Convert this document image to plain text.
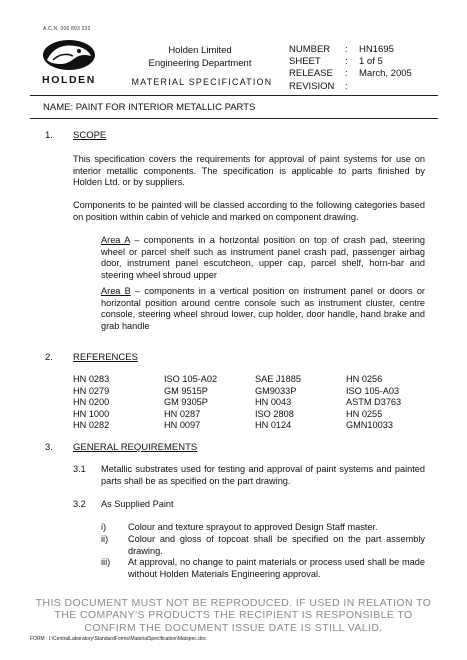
A.C.N. 006 893 232
HOLDEN
Holden Limited
Engineering Department
MATERIAL SPECIFICATION
NUMBER	:	HN1695
SHEET	:	1 of 5
RELEASE	:	March, 2005
REVISION	:
NAME: PAINT FOR INTERIOR METALLIC PARTS
1. SCOPE
This specification covers the requirements for approval of paint systems for use on interior metallic components. The specification is applicable to parts finished by Holden Ltd. or by suppliers.
Components to be painted will be classed according to the following categories based on position within cabin of vehicle and marked on component drawing.
Area A – components in a horizontal position on top of crash pad, steering wheel or parcel shelf such as instrument panel crash pad, passenger airbag door, instrument panel escutcheon, upper cap, parcel shelf, horn-bar and steering wheel shroud upper
Area B – components in a vertical position on instrument panel or doors or horizontal position around centre console such as instrument cluster, centre console, steering wheel shroud lower, cup holder, door handle, hand brake and grab handle
2. REFERENCES
HN 0283	ISO 105-A02	SAE J1885	HN 0256
HN 0279	GM 9515P	GM9033P	ISO 105-A03
HN 0200	GM 9305P	HN 0043	ASTM D3763
HN 1000	HN 0287	ISO 2808	HN 0255
HN 0282	HN 0097	HN 0124	GMN10033
3. GENERAL REQUIREMENTS
3.1 Metallic substrates used for testing and approval of paint systems and painted parts shall be as specified on the part drawing.
3.2 As Supplied Paint
i) Colour and texture sprayout to approved Design Staff master.
ii) Colour and gloss of topcoat shall be specified on the part assembly drawing.
iii) At approval, no change to paint materials or process used shall be made without Holden Materials Engineering approval.
THIS DOCUMENT MUST NOT BE REPRODUCED. IF USED IN RELATION TO
THE COMPANY'S PRODUCTS THE RECIPIENT IS RESPONSIBLE TO
CONFIRM THE DOCUMENT ISSUE DATE IS STILL VALID.
FORM : I:\CentralLaboratory\StandardForms\MaterialSpecification\Matspec.doc
